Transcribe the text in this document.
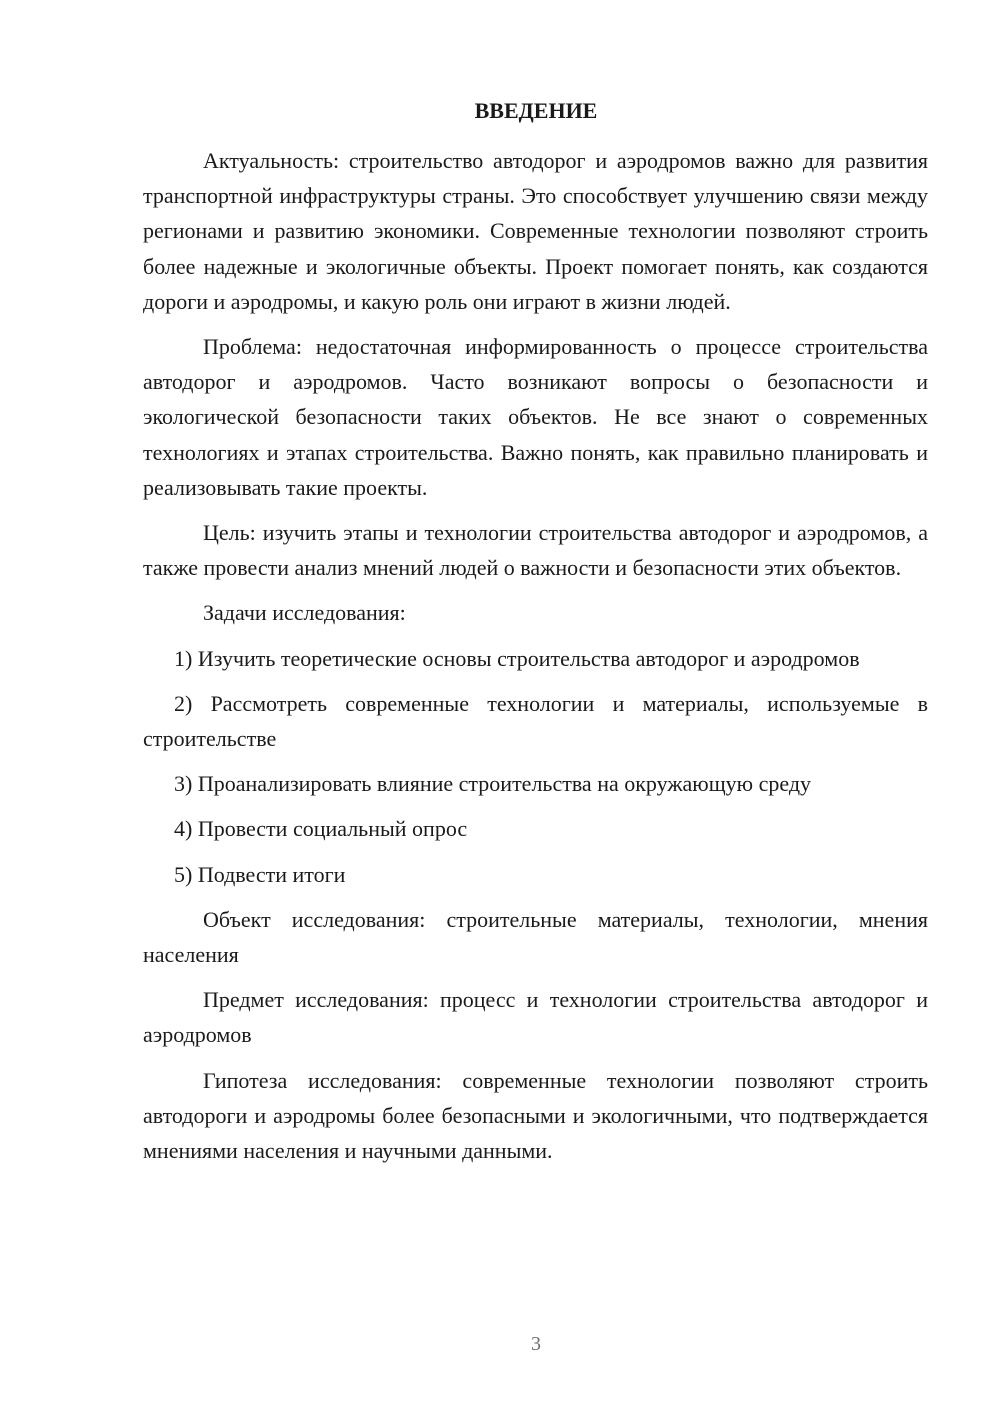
ВВЕДЕНИЕ

Актуальность: строительство автодорог и аэродромов важно для развития транспортной инфраструктуры страны. Это способствует улучшению связи между регионами и развитию экономики. Современные технологии позволяют строить более надежные и экологичные объекты. Проект помогает понять, как создаются дороги и аэродромы, и какую роль они играют в жизни людей.

Проблема: недостаточная информированность о процессе строительства автодорог и аэродромов. Часто возникают вопросы о безопасности и экологической безопасности таких объектов. Не все знают о современных технологиях и этапах строительства. Важно понять, как правильно планировать и реализовывать такие проекты.

Цель: изучить этапы и технологии строительства автодорог и аэродромов, а также провести анализ мнений людей о важности и безопасности этих объектов.

Задачи исследования:

1) Изучить теоретические основы строительства автодорог и аэродромов

2) Рассмотреть современные технологии и материалы, используемые в строительстве

3) Проанализировать влияние строительства на окружающую среду

4) Провести социальный опрос

5) Подвести итоги

Объект исследования: строительные материалы, технологии, мнения населения

Предмет исследования: процесс и технологии строительства автодорог и аэродромов

Гипотеза исследования: современные технологии позволяют строить автодороги и аэродромы более безопасными и экологичными, что подтверждается мнениями населения и научными данными.

3
